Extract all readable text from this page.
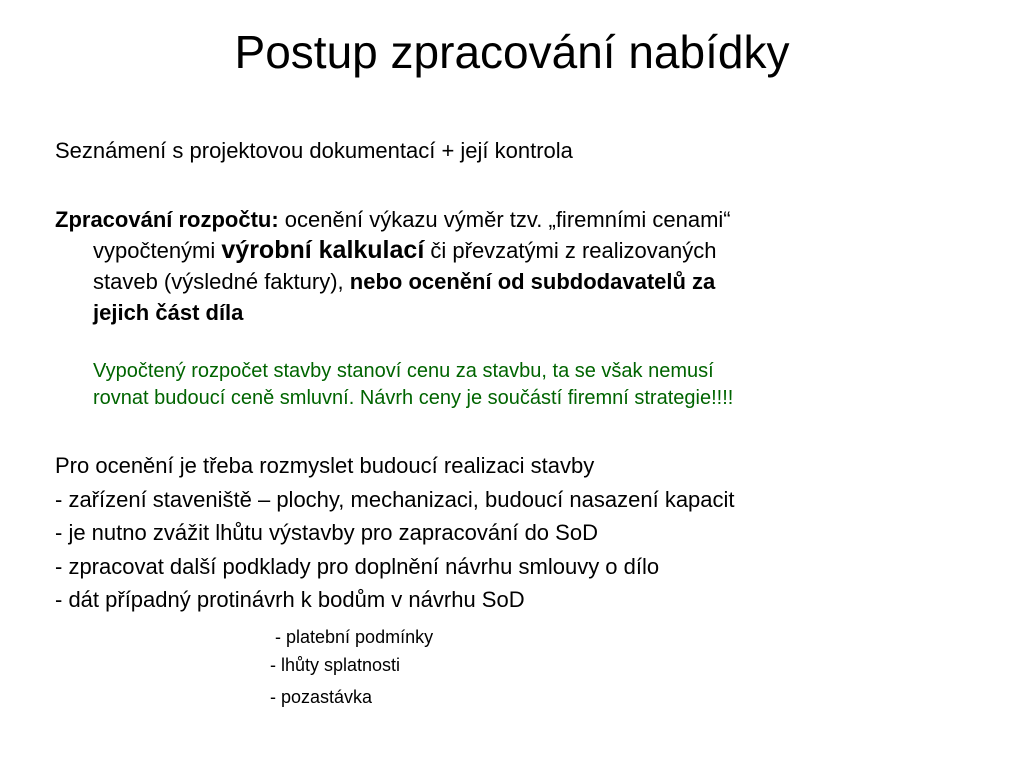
Postup zpracování nabídky
Seznámení s projektovou dokumentací + její kontrola
Zpracování rozpočtu: ocenění výkazu výměr tzv. „firemními cenami“
vypočtenými výrobní kalkulací či převzatými z realizovaných
staveb (výsledné faktury), nebo ocenění od subdodavatelů za
jejich část díla
Vypočtený rozpočet stavby stanoví cenu za stavbu, ta se však nemusí
rovnat budoucí ceně smluvní. Návrh ceny je součástí firemní strategie!!!!
Pro ocenění je třeba rozmyslet budoucí realizaci stavby
- zařízení staveniště – plochy, mechanizaci, budoucí nasazení kapacit
- je nutno zvážit lhůtu výstavby pro zapracování do SoD
- zpracovat další podklady pro doplnění návrhu smlouvy o dílo
- dát případný protinávrh k bodům v návrhu SoD
- platební podmínky
- lhůty splatnosti
- pozastávka
